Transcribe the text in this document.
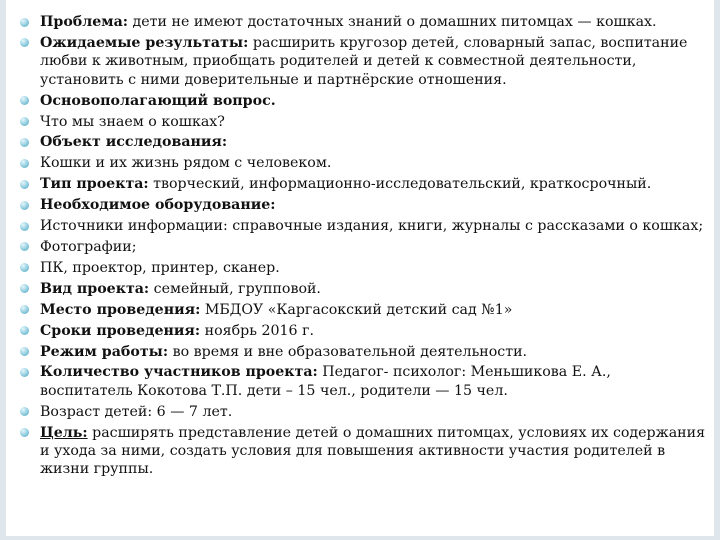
Проблема: дети не имеют достаточных знаний о домашних питомцах — кошках.
Ожидаемые результаты: расширить кругозор детей, словарный запас, воспитание любви к животным, приобщать родителей и детей к совместной деятельности, установить с ними доверительные и партнёрские отношения.
Основополагающий вопрос.
Что мы знаем о кошках?
Объект исследования:
Кошки и их жизнь рядом с человеком.
Тип проекта: творческий, информационно-исследовательский, краткосрочный.
Необходимое оборудование:
Источники информации: справочные издания, книги, журналы с рассказами о кошках;
Фотографии;
ПК, проектор, принтер, сканер.
Вид проекта: семейный, групповой.
Место проведения: МБДОУ «Каргасокский детский сад №1»
Сроки проведения: ноябрь 2016 г.
Режим работы: во время и вне образовательной деятельности.
Количество участников проекта: Педагог- психолог: Меньшикова Е. А., воспитатель Кокотова Т.П. дети – 15 чел., родители — 15 чел.
Возраст детей: 6 — 7 лет.
Цель: расширять представление детей о домашних питомцах, условиях их содержания и ухода за ними, создать условия для повышения активности участия родителей в жизни группы.
